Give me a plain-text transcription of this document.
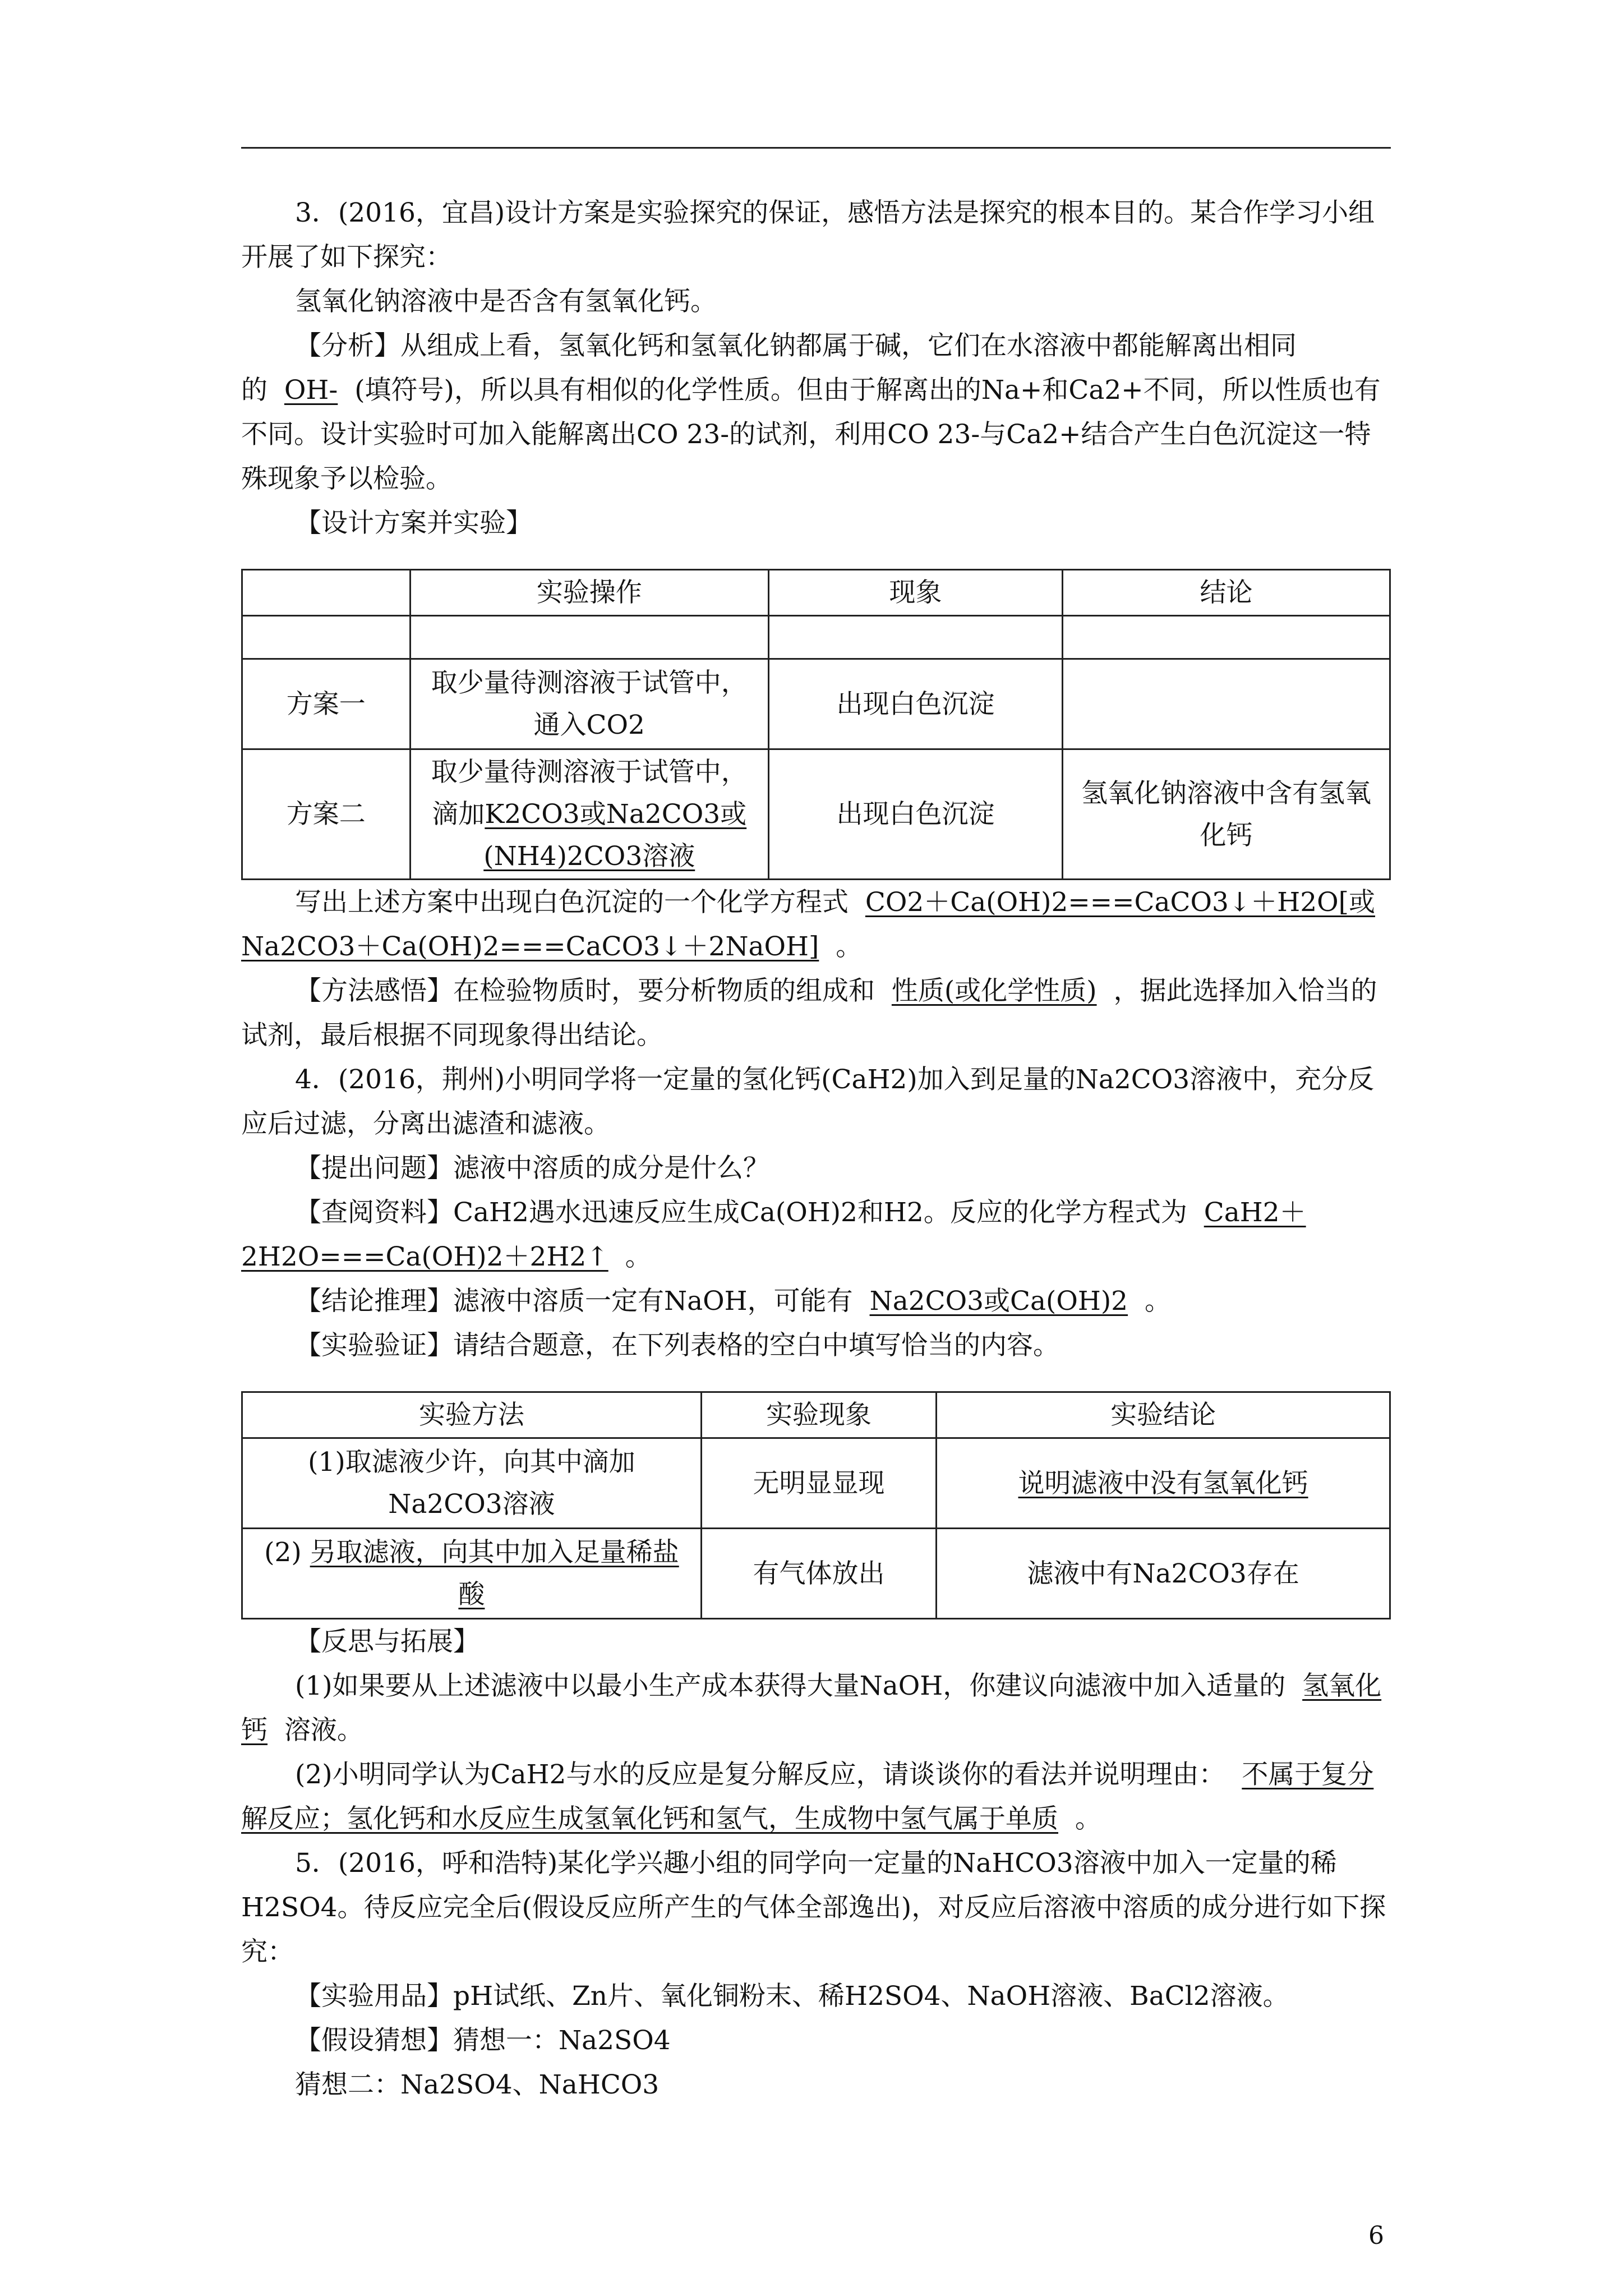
3．(2016，宜昌)设计方案是实验探究的保证，感悟方法是探究的根本目的。某合作学习小组开展了如下探究：

氢氧化钠溶液中是否含有氢氧化钙。

【分析】从组成上看，氢氧化钙和氢氧化钠都属于碱，它们在水溶液中都能解离出相同的 OH- (填符号)，所以具有相似的化学性质。但由于解离出的Na+和Ca2+不同，所以性质也有不同。设计实验时可加入能解离出CO 23-的试剂，利用CO 23-与Ca2+结合产生白色沉淀这一特殊现象予以检验。

【设计方案并实验】

	实验操作	现象	结论

方案一	取少量待测溶液于试管中，通入CO2	出现白色沉淀	
方案二	取少量待测溶液于试管中，滴加K2CO3或Na2CO3或(NH4)2CO3溶液	出现白色沉淀	氢氧化钠溶液中含有氢氧化钙

写出上述方案中出现白色沉淀的一个化学方程式 CO2＋Ca(OH)2===CaCO3↓＋H2O[或Na2CO3＋Ca(OH)2===CaCO3↓＋2NaOH] 。

【方法感悟】在检验物质时，要分析物质的组成和 性质(或化学性质) ，据此选择加入恰当的试剂，最后根据不同现象得出结论。

4．(2016，荆州)小明同学将一定量的氢化钙(CaH2)加入到足量的Na2CO3溶液中，充分反应后过滤，分离出滤渣和滤液。

【提出问题】滤液中溶质的成分是什么？

【查阅资料】CaH2遇水迅速反应生成Ca(OH)2和H2。反应的化学方程式为 CaH2＋2H2O===Ca(OH)2＋2H2↑ 。

【结论推理】滤液中溶质一定有NaOH，可能有 Na2CO3或Ca(OH)2 。

【实验验证】请结合题意，在下列表格的空白中填写恰当的内容。

实验方法	实验现象	实验结论
(1)取滤液少许，向其中滴加Na2CO3溶液	无明显显现	说明滤液中没有氢氧化钙
(2) 另取滤液，向其中加入足量稀盐酸	有气体放出	滤液中有Na2CO3存在

【反思与拓展】

(1)如果要从上述滤液中以最小生产成本获得大量NaOH，你建议向滤液中加入适量的 氢氧化钙 溶液。

(2)小明同学认为CaH2与水的反应是复分解反应，请谈谈你的看法并说明理由： 不属于复分解反应；氢化钙和水反应生成氢氧化钙和氢气，生成物中氢气属于单质 。

5．(2016，呼和浩特)某化学兴趣小组的同学向一定量的NaHCO3溶液中加入一定量的稀H2SO4。待反应完全后(假设反应所产生的气体全部逸出)，对反应后溶液中溶质的成分进行如下探究：

【实验用品】pH试纸、Zn片、氧化铜粉末、稀H2SO4、NaOH溶液、BaCl2溶液。

【假设猜想】猜想一：Na2SO4

猜想二：Na2SO4、NaHCO3

6
